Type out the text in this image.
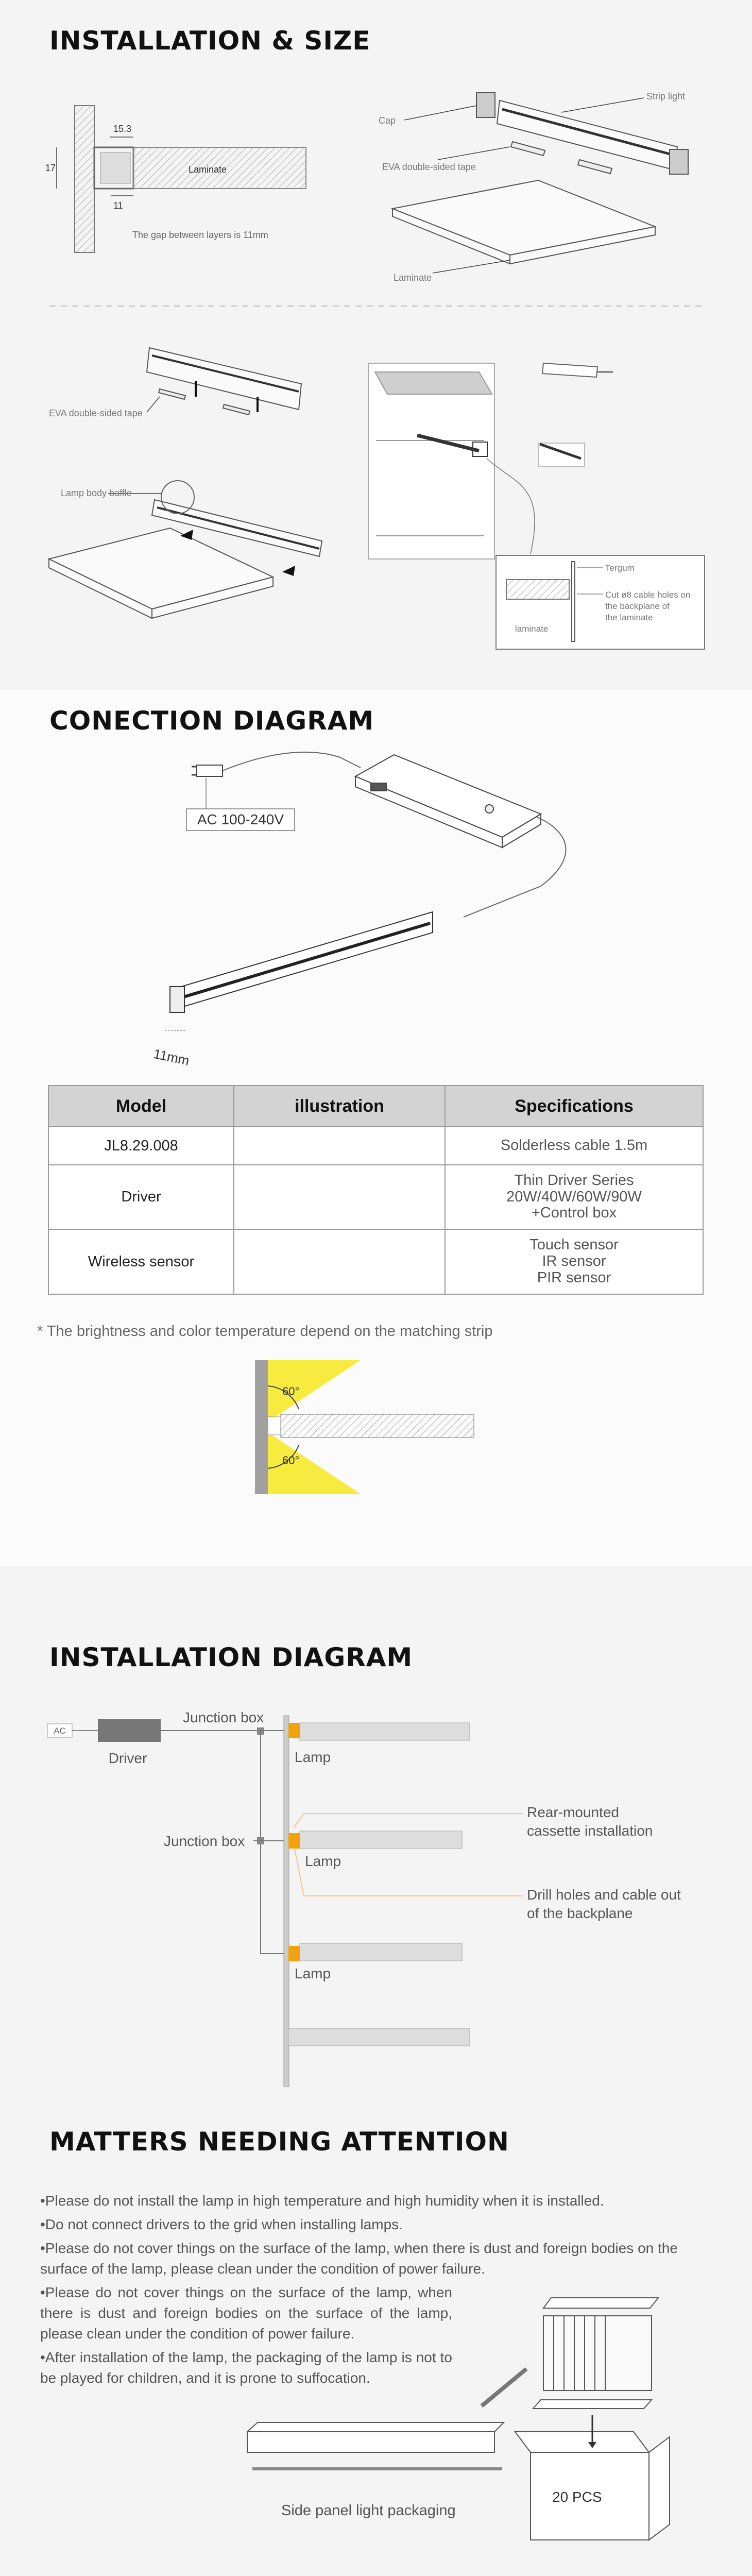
INSTALLATION & SIZE
15.3
17
11
Laminate
The gap between layers is 11mm
Cap
Strip light
EVA double-sided tape
Laminate
EVA double-sided tape
Lamp body baffle
Tergum
Cut ø8 cable holes on
the backplane of
the laminate
laminate
CONECTION DIAGRAM
AC 100-240V
11mm
60°
60°
Model	illustration	Specifications
JL8.29.008		Solderless cable 1.5m

Driver		Thin Driver Series
20W/40W/60W/90W
+Control box

Wireless sensor		Touch sensor
IR sensor
PIR sensor
* The brightness and color temperature depend on the matching strip
INSTALLATION DIAGRAM
AC
Driver
Junction box
Junction box
Lamp
Lamp
Lamp
Rear-mounted
cassette installation
Drill holes and cable out
of the backplane
MATTERS NEEDING ATTENTION

•Please do not install the lamp in high temperature and high humidity when it is installed.

•Do not connect drivers to the grid when installing lamps.

•Please do not cover things on the surface of the lamp, when there is dust and foreign bodies on the surface of the lamp, please clean under the condition of power failure.

•Please do not cover things on the surface of the lamp, when there is dust and foreign bodies on the surface of the lamp, please clean under the condition of power failure.

•After installation of the lamp, the packaging of the lamp is not to be played for children, and it is prone to suffocation.

Side panel light packaging
20 PCS
